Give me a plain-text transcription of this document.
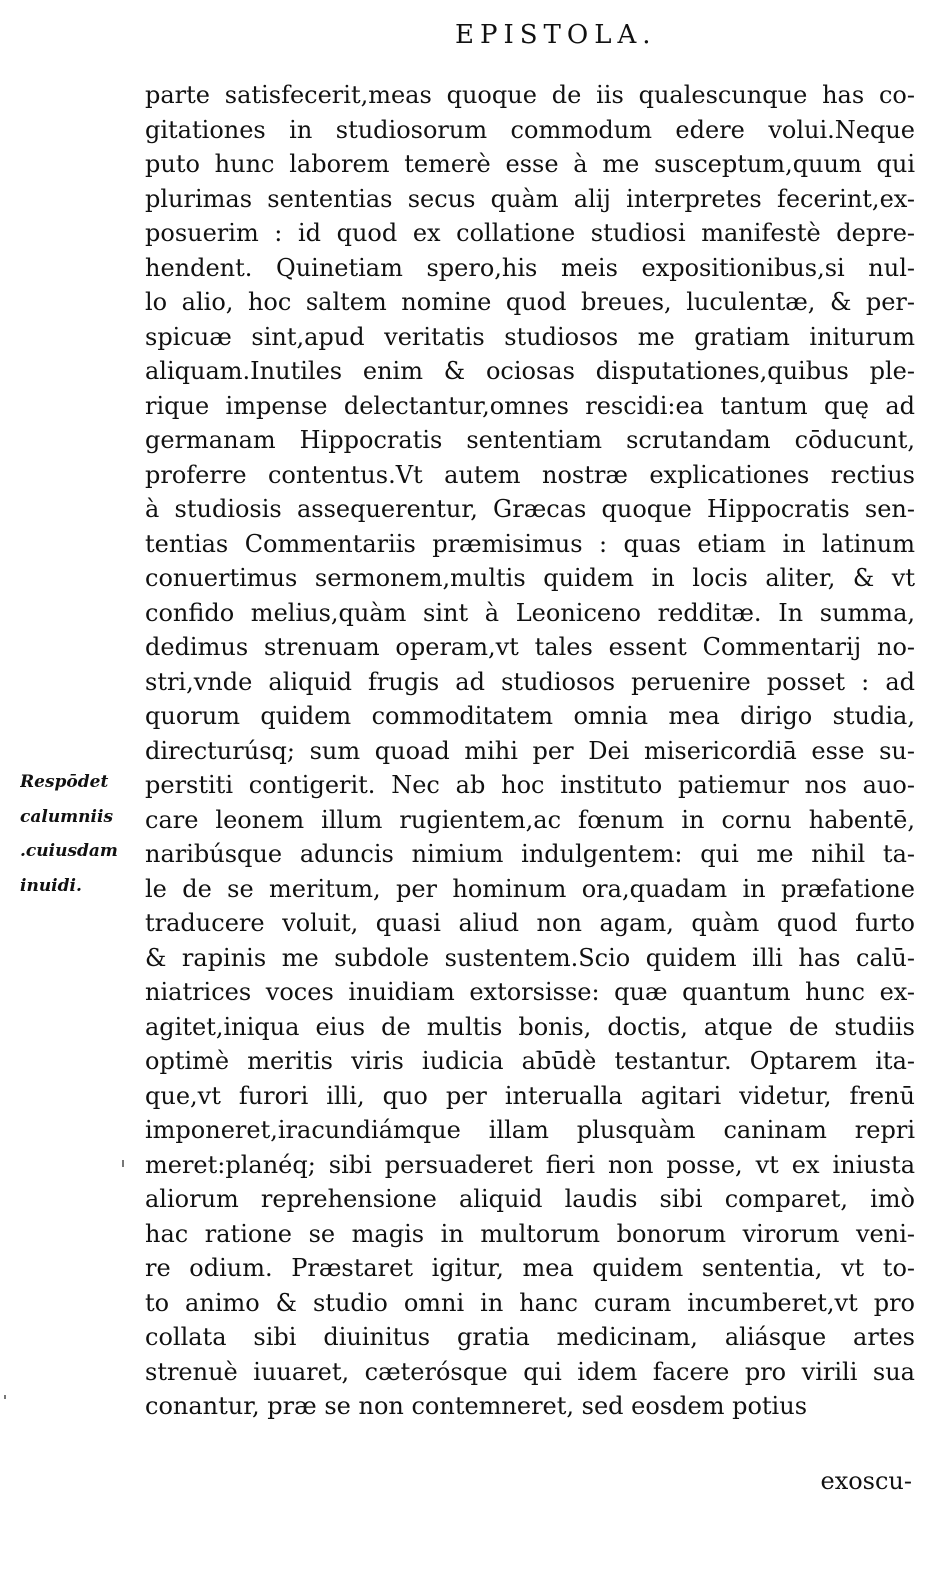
EPISTOLA.
Respōdet
calumniis
.cuiusdam
inuidi.
parte satisfecerit,meas quoque de iis qualescunque has co-
gitationes in studiosorum commodum edere volui.Neque
puto hunc laborem temerè esse à me susceptum,quum qui
plurimas sententias secus quàm alij interpretes fecerint,ex-
posuerim : id quod ex collatione studiosi manifestè depre-
hendent. Quinetiam spero,his meis expositionibus,si nul-
lo alio, hoc saltem nomine quod breues, luculentæ, & per-
spicuæ sint,apud veritatis studiosos me gratiam initurum
aliquam.Inutiles enim & ociosas disputationes,quibus ple-
rique impense delectantur,omnes rescidi:ea tantum quę ad
germanam Hippocratis sententiam scrutandam cōducunt,
proferre contentus.Vt autem nostræ explicationes rectius
à studiosis assequerentur, Græcas quoque Hippocratis sen-
tentias Commentariis præmisimus : quas etiam in latinum
conuertimus sermonem,multis quidem in locis aliter, & vt
confido melius,quàm sint à Leoniceno redditæ. In summa,
dedimus strenuam operam,vt tales essent Commentarij no-
stri,vnde aliquid frugis ad studiosos peruenire posset : ad
quorum quidem commoditatem omnia mea dirigo studia,
directurúsq; sum quoad mihi per Dei misericordiā esse su-
perstiti contigerit. Nec ab hoc instituto patiemur nos auo-
care leonem illum rugientem,ac fœnum in cornu habentē,
naribúsque aduncis nimium indulgentem: qui me nihil ta-
le de se meritum, per hominum ora,quadam in præfatione
traducere voluit, quasi aliud non agam, quàm quod furto
& rapinis me subdole sustentem.Scio quidem illi has calū-
niatrices voces inuidiam extorsisse: quæ quantum hunc ex-
agitet,iniqua eius de multis bonis, doctis, atque de studiis
optimè meritis viris iudicia abūdè testantur. Optarem ita-
que,vt furori illi, quo per interualla agitari videtur, frenū
imponeret,iracundiámque illam plusquàm caninam repri
meret:planéq; sibi persuaderet fieri non posse, vt ex iniusta
aliorum reprehensione aliquid laudis sibi comparet, imò
hac ratione se magis in multorum bonorum virorum veni-
re odium. Præstaret igitur, mea quidem sententia, vt to-
to animo & studio omni in hanc curam incumberet,vt pro
collata sibi diuinitus gratia medicinam, aliásque artes
strenuè iuuaret, cæterósque qui idem facere pro virili sua
conantur, præ se non contemneret, sed eosdem potius
exoscu-
